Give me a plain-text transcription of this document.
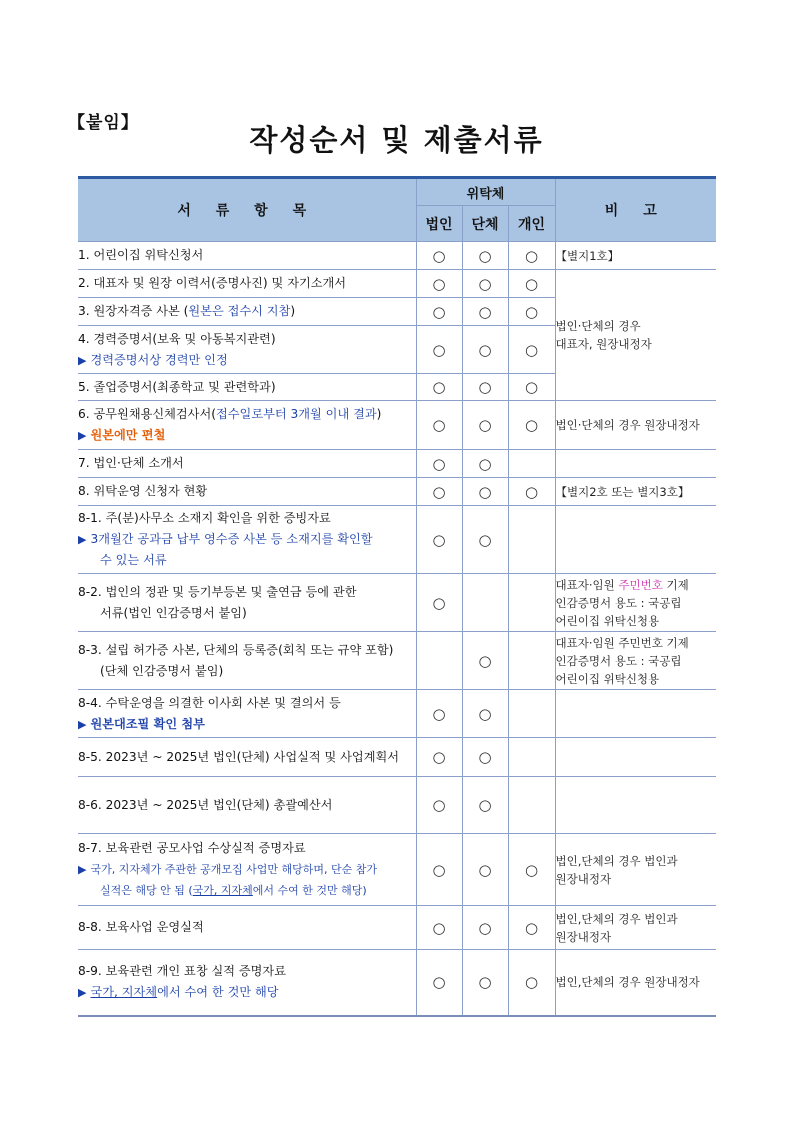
【붙임】	작성순서 및 제출서류
서 류 항 목	위탁체			비 고
	법인	단체	개인	
1. 어린이집 위탁신청서	○	○	○	【별지1호】
2. 대표자 및 원장 이력서(증명사진) 및 자기소개서	○	○	○	법인·단체의 경우
대표자, 원장내정자

3. 원장자격증 사본 (원본은 접수시 지참)	○	○	○	

4. 경력증명서(보육 및 아동복지관련)
▶ 경력증명서상 경력만 인정	○	○	○	
5. 졸업증명서(최종학교 및 관련학과)	○	○	○	

6. 공무원채용신체검사서(접수일로부터 3개월 이내 결과)
▶ 원본에만 편철	○	○	○	법인·단체의 경우 원장내정자
7. 법인·단체 소개서	○	○		
8. 위탁운영 신청자 현황	○	○	○	【별지2호 또는 별지3호】

8-1. 주(분)사무소 소재지 확인을 위한 증빙자료
▶ 3개월간 공과금 납부 영수증 사본 등 소재지를 확인할
수 있는 서류	○	○		

8-2. 법인의 정관 및 등기부등본 및 출연금 등에 관한
서류(법인 인감증명서 붙임)	○			대표자·임원 주민번호 기제
인감증명서 용도 : 국공립
어린이집 위탁신청용

8-3. 설립 허가증 사본, 단체의 등록증(회칙 또는 규약 포함)
(단체 인감증명서 붙임)		○		대표자·임원 주민번호 기제
인감증명서 용도 : 국공립
어린이집 위탁신청용

8-4. 수탁운영을 의결한 이사회 사본 및 결의서 등
▶ 원본대조필 확인 첨부	○	○		
8-5. 2023년 ~ 2025년 법인(단체) 사업실적 및 사업계획서	○	○		
8-6. 2023년 ~ 2025년 법인(단체) 총괄예산서	○	○		

8-7. 보육관련 공모사업 수상실적 증명자료
▶ 국가, 지자체가 주관한 공개모집 사업만 해당하며, 단순 참가
실적은 해당 안 됨 (국가, 지자체에서 수여 한 것만 해당)	○	○	○	법인,단체의 경우 법인과
원장내정자

8-8. 보육사업 운영실적	○	○	○	법인,단체의 경우 법인과
원장내정자

8-9. 보육관련 개인 표창 실적 증명자료
▶ 국가, 지자체에서 수여 한 것만 해당	○	○	○	법인,단체의 경우 원장내정자
